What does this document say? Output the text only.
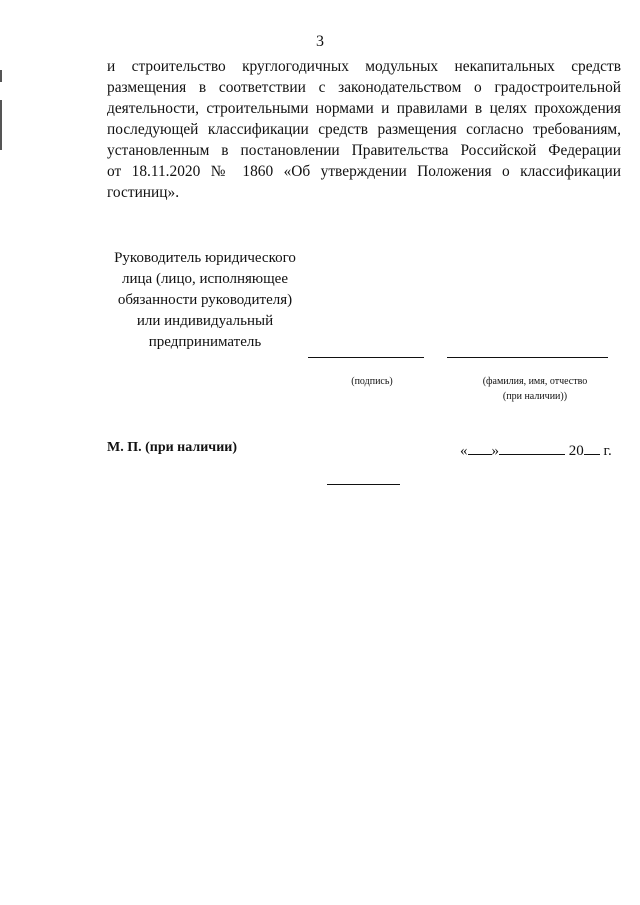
3
и строительство круглогодичных модульных некапитальных средств
размещения в соответствии с законодательством о градостроительной
деятельности, строительными нормами и правилами в целях прохождения
последующей классификации средств размещения согласно требованиям,
установленным в постановлении Правительства Российской Федерации
от 18.11.2020 № 1860 «Об утверждении Положения о классификации
гостиниц».
Руководитель юридического
лица (лицо, исполняющее
обязанности руководителя)
или индивидуальный
предприниматель
(подпись)	(фамилия, имя, отчество
(при наличии))
М. П. (при наличии)	« »	20 г.
